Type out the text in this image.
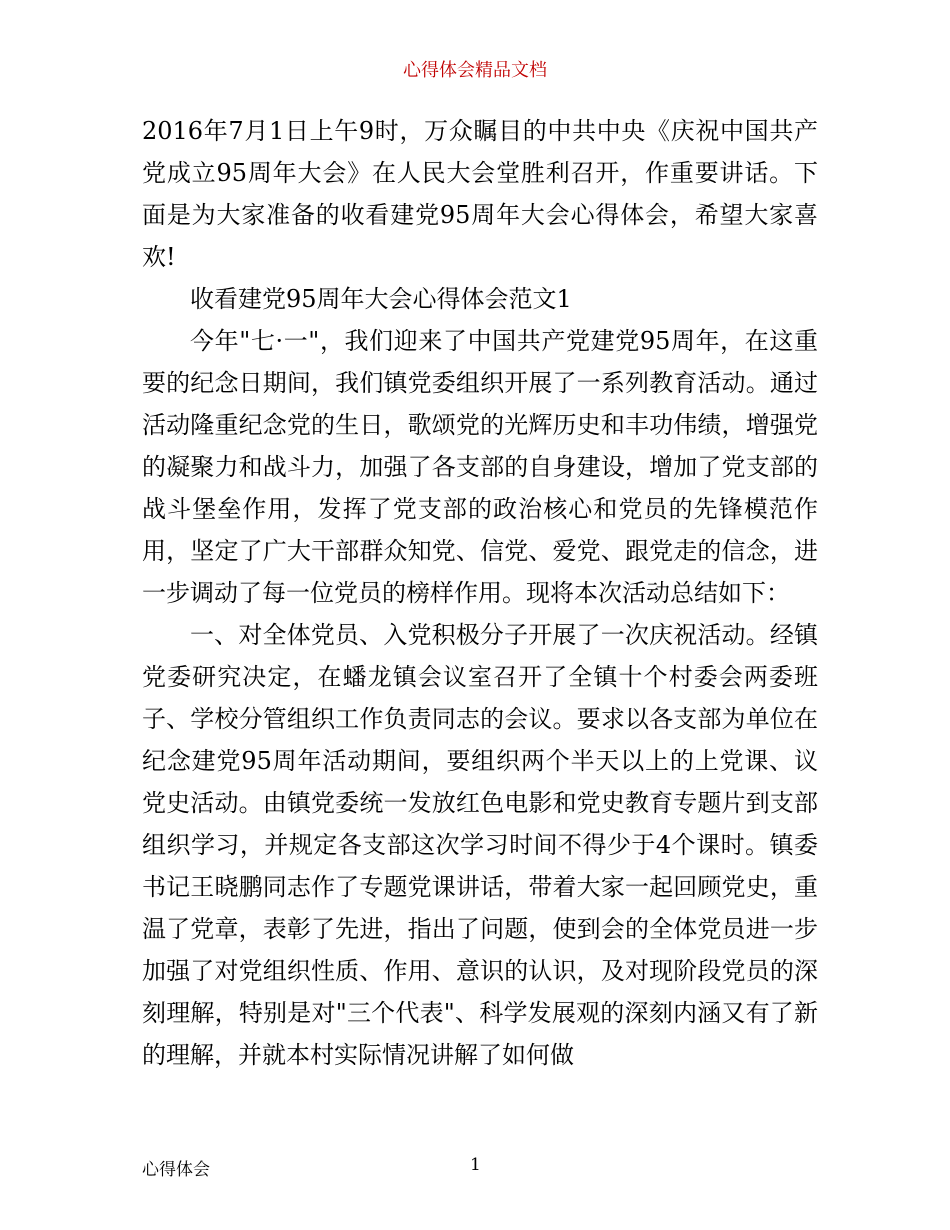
心得体会精品文档

2016年7月1日上午9时，万众瞩目的中共中央《庆祝中国共产党成立95周年大会》在人民大会堂胜利召开，作重要讲话。下面是为大家准备的收看建党95周年大会心得体会，希望大家喜欢!

收看建党95周年大会心得体会范文1

今年"七·一"，我们迎来了中国共产党建党95周年，在这重要的纪念日期间，我们镇党委组织开展了一系列教育活动。通过活动隆重纪念党的生日，歌颂党的光辉历史和丰功伟绩，增强党的凝聚力和战斗力，加强了各支部的自身建设，增加了党支部的战斗堡垒作用，发挥了党支部的政治核心和党员的先锋模范作用，坚定了广大干部群众知党、信党、爱党、跟党走的信念，进一步调动了每一位党员的榜样作用。现将本次活动总结如下：

一、对全体党员、入党积极分子开展了一次庆祝活动。经镇党委研究决定，在蟠龙镇会议室召开了全镇十个村委会两委班子、学校分管组织工作负责同志的会议。要求以各支部为单位在纪念建党95周年活动期间，要组织两个半天以上的上党课、议党史活动。由镇党委统一发放红色电影和党史教育专题片到支部组织学习，并规定各支部这次学习时间不得少于4个课时。镇委书记王晓鹏同志作了专题党课讲话，带着大家一起回顾党史，重温了党章，表彰了先进，指出了问题，使到会的全体党员进一步加强了对党组织性质、作用、意识的认识，及对现阶段党员的深刻理解，特别是对"三个代表"、科学发展观的深刻内涵又有了新的理解，并就本村实际情况讲解了如何做

心得体会	1
